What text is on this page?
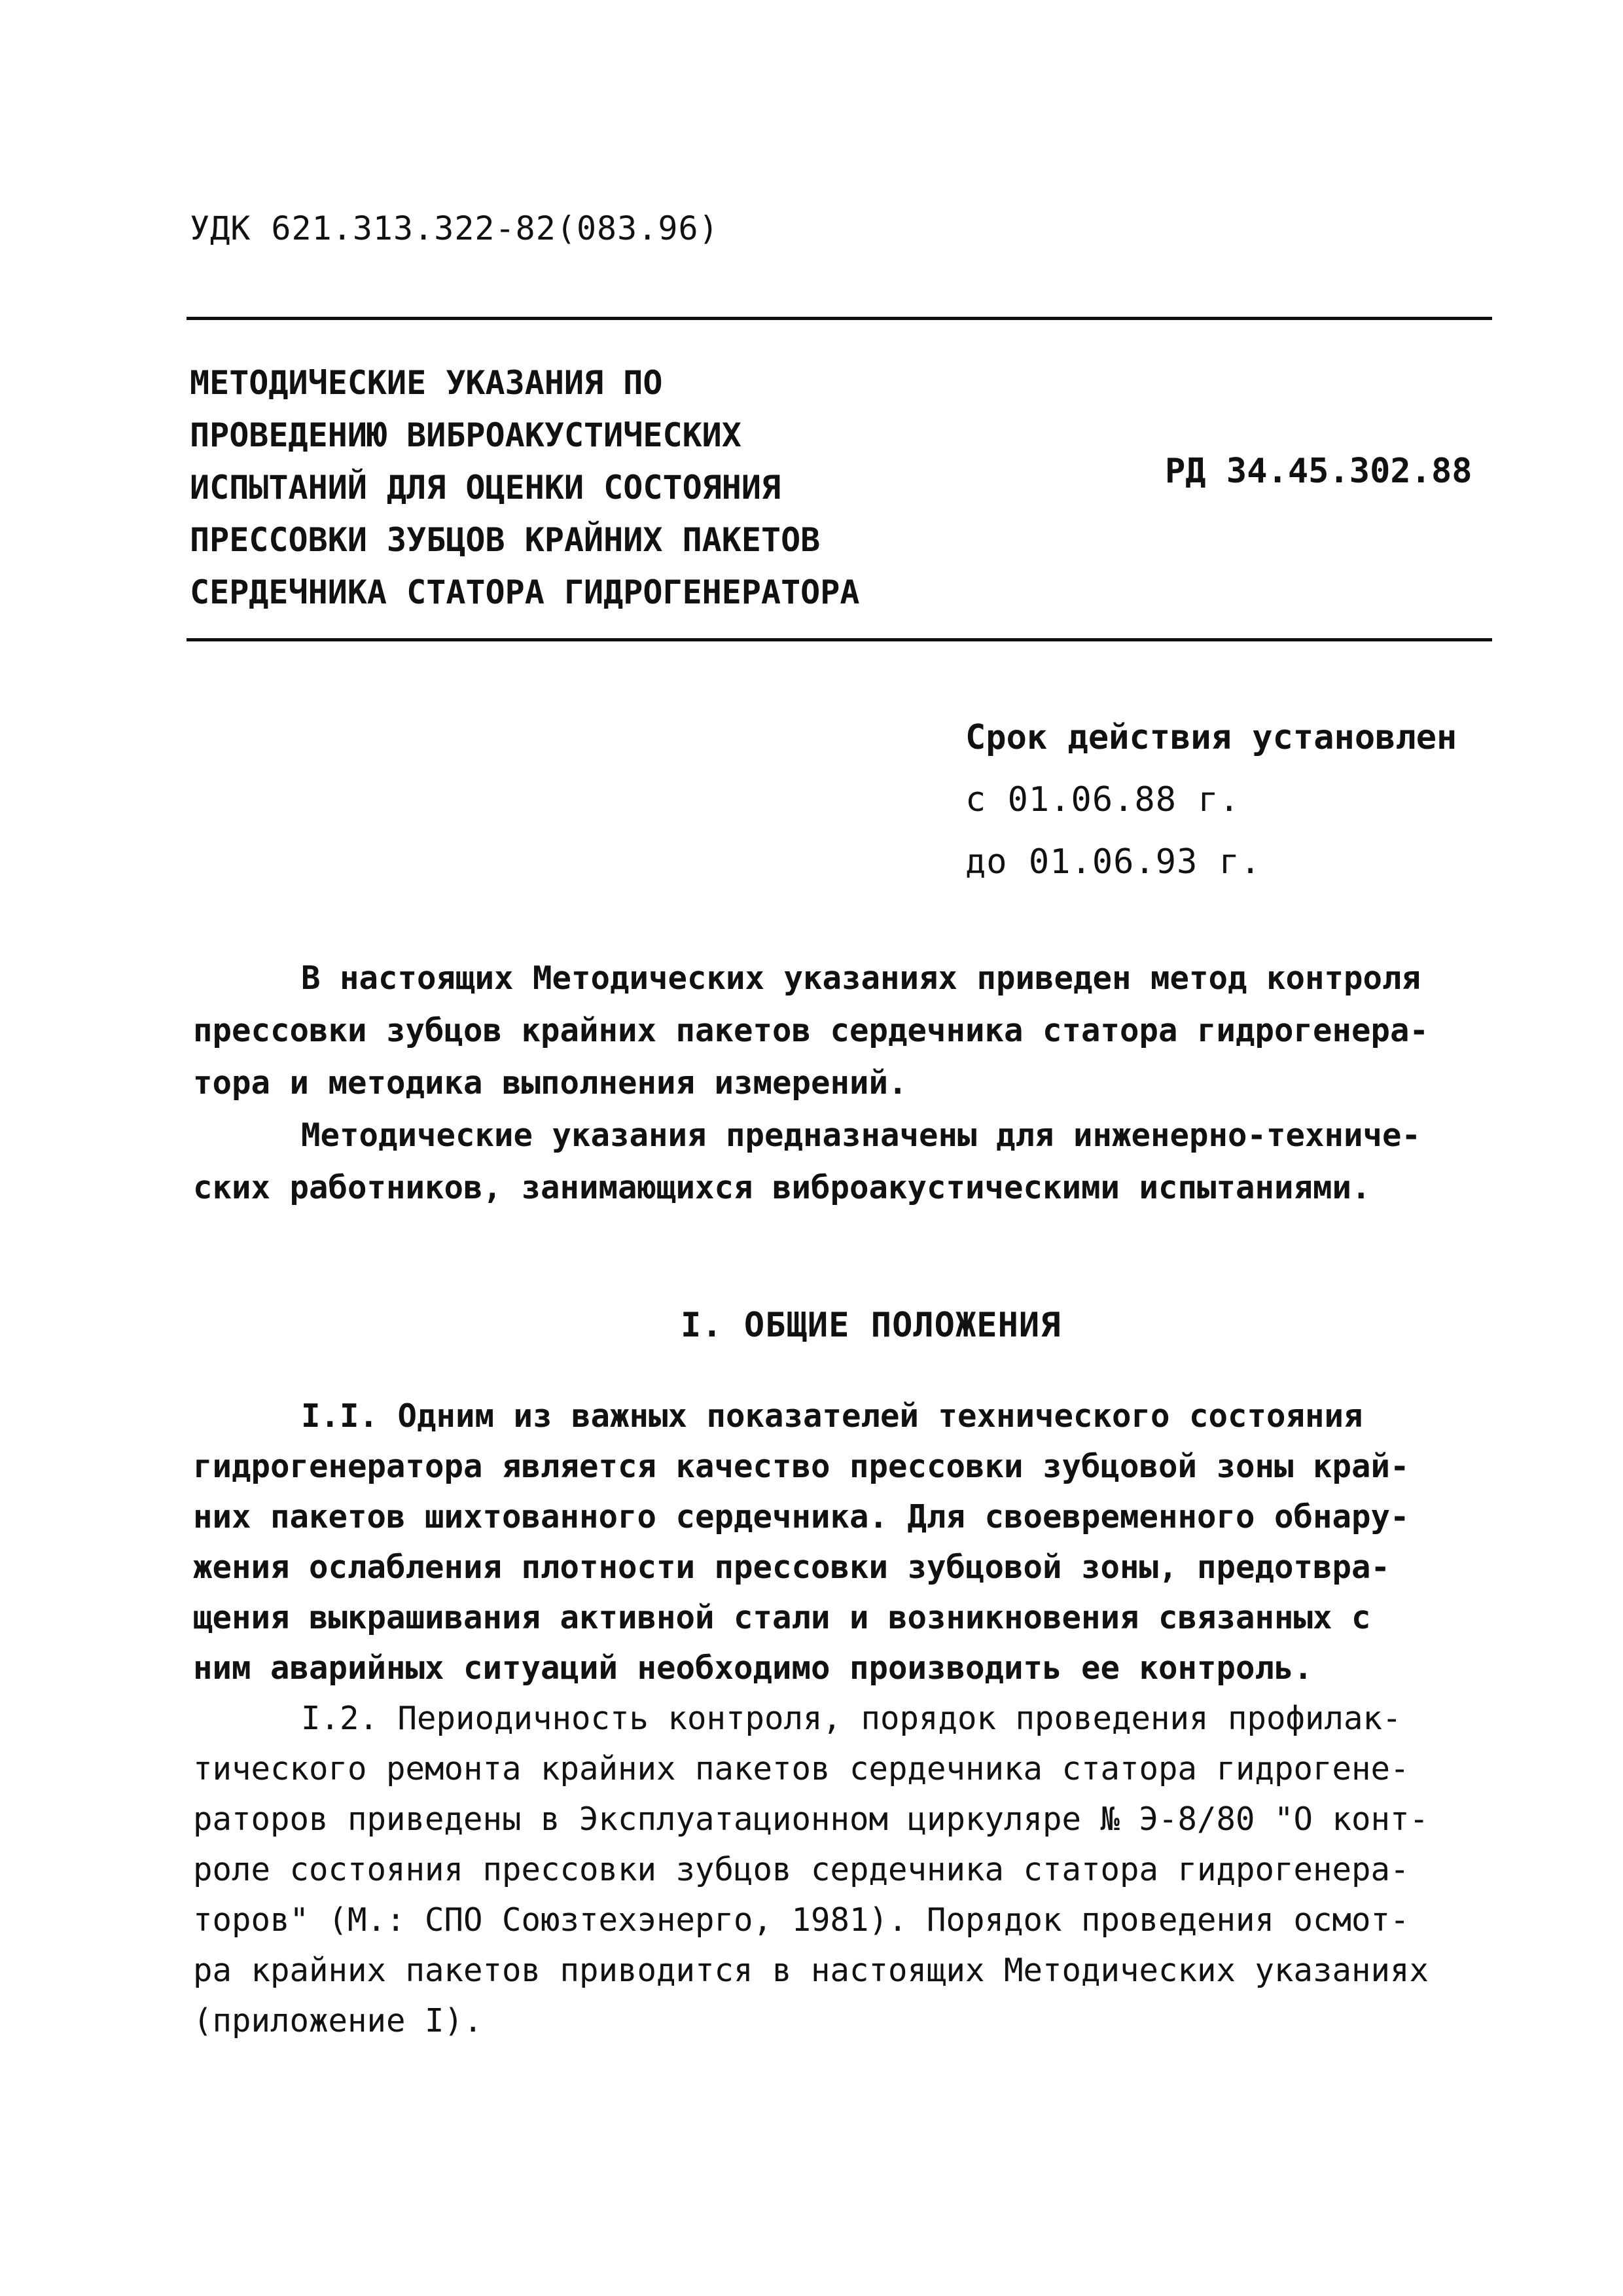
УДК 621.313.322-82(083.96)
МЕТОДИЧЕСКИЕ УКАЗАНИЯ ПО
ПРОВЕДЕНИЮ ВИБРОАКУСТИЧЕСКИХ
ИСПЫТАНИЙ ДЛЯ ОЦЕНКИ СОСТОЯНИЯ
ПРЕССОВКИ ЗУБЦОВ КРАЙНИХ ПАКЕТОВ
СЕРДЕЧНИКА СТАТОРА ГИДРОГЕНЕРАТОРА
РД 34.45.302.88
Срок действия установлен
с 01.06.88 г.
до 01.06.93 г.
В настоящих Методических указаниях приведен метод контроля
прессовки зубцов крайних пакетов сердечника статора гидрогенера-
тора и методика выполнения измерений.
Методические указания предназначены для инженерно-техниче-
ских работников, занимающихся виброакустическими испытаниями.
I. ОБЩИЕ ПОЛОЖЕНИЯ
I.I. Одним из важных показателей технического состояния
гидрогенератора является качество прессовки зубцовой зоны край-
них пакетов шихтованного сердечника. Для своевременного обнару-
жения ослабления плотности прессовки зубцовой зоны, предотвра-
щения выкрашивания активной стали и возникновения связанных с
ним аварийных ситуаций необходимо производить ее контроль.
I.2. Периодичность контроля, порядок проведения профилак-
тического ремонта крайних пакетов сердечника статора гидрогене-
раторов приведены в Эксплуатационном циркуляре № Э-8/80 "О конт-
роле состояния прессовки зубцов сердечника статора гидрогенера-
торов" (М.: СПО Союзтехэнерго, 1981). Порядок проведения осмот-
ра крайних пакетов приводится в настоящих Методических указаниях
(приложение I).
